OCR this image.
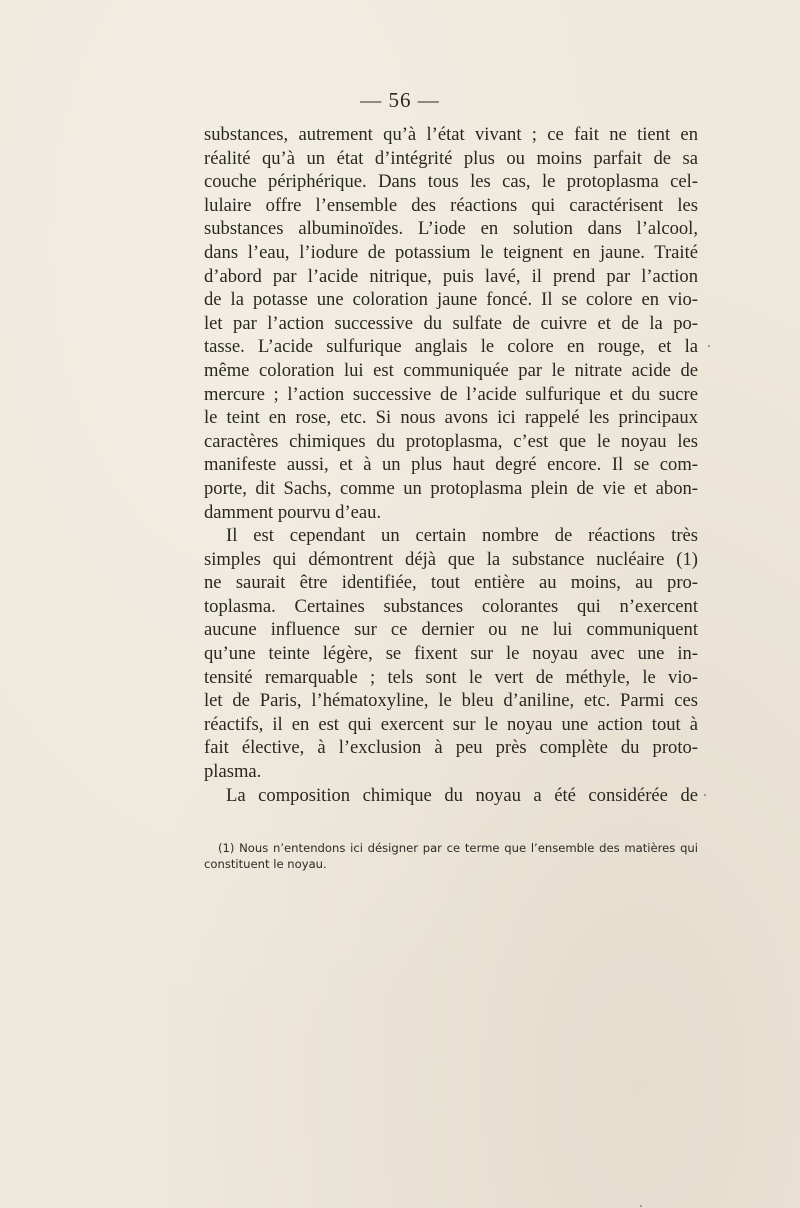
— 56 —
substances, autrement qu’à l’état vivant ; ce fait ne tient en
réalité qu’à un état d’intégrité plus ou moins parfait de sa
couche périphérique. Dans tous les cas, le protoplasma cel-
lulaire offre l’ensemble des réactions qui caractérisent les
substances albuminoïdes. L’iode en solution dans l’alcool,
dans l’eau, l’iodure de potassium le teignent en jaune. Traité
d’abord par l’acide nitrique, puis lavé, il prend par l’action
de la potasse une coloration jaune foncé. Il se colore en vio-
let par l’action successive du sulfate de cuivre et de la po-
tasse. L’acide sulfurique anglais le colore en rouge, et la
même coloration lui est communiquée par le nitrate acide de
mercure ; l’action successive de l’acide sulfurique et du sucre
le teint en rose, etc. Si nous avons ici rappelé les principaux
caractères chimiques du protoplasma, c’est que le noyau les
manifeste aussi, et à un plus haut degré encore. Il se com-
porte, dit Sachs, comme un protoplasma plein de vie et abon-
damment pourvu d’eau.
Il est cependant un certain nombre de réactions très
simples qui démontrent déjà que la substance nucléaire (1)
ne saurait être identifiée, tout entière au moins, au pro-
toplasma. Certaines substances colorantes qui n’exercent
aucune influence sur ce dernier ou ne lui communiquent
qu’une teinte légère, se fixent sur le noyau avec une in-
tensité remarquable ; tels sont le vert de méthyle, le vio-
let de Paris, l’hématoxyline, le bleu d’aniline, etc. Parmi ces
réactifs, il en est qui exercent sur le noyau une action tout à
fait élective, à l’exclusion à peu près complète du proto-
plasma.
La composition chimique du noyau a été considérée de
(1) Nous n’entendons ici désigner par ce terme que l’ensemble des matières qui
constituent le noyau.
